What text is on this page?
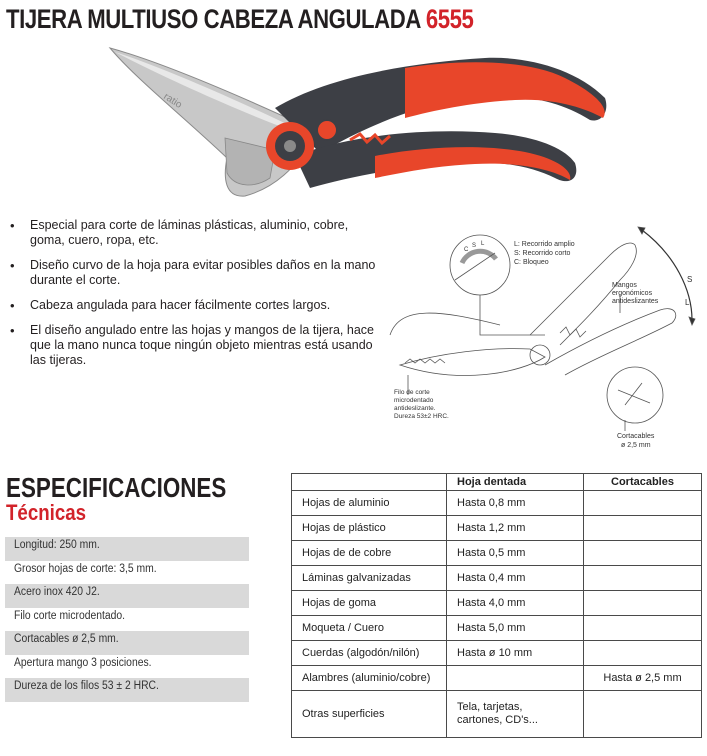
TIJERA MULTIUSO CABEZA ANGULADA 6555
ratio
• Especial para corte de láminas plásticas, aluminio, cobre, goma, cuero, ropa, etc.
• Diseño curvo de la hoja para evitar posibles daños en la mano durante el corte.
• Cabeza angulada para hacer fácilmente cortes largos.
• El diseño angulado entre las hojas y mangos de la tijera, hace que la mano nunca toque ningún objeto mientras está usando las tijeras.
C
S L	L: Recorrido amplio
S: Recorrido corto
C: Bloqueo
Mangos
ergonómicos
antideslizantes
S
L
Filo de corte
microdentado
antideslizante.
Dureza 53±2 HRC.
Cortacables
ø 2,5 mm
ESPECIFICACIONES
Técnicas
Longitud: 250 mm.
Grosor hojas de corte: 3,5 mm.
Acero inox 420 J2.
Filo corte microdentado.
Cortacables ø 2,5 mm.
Apertura mango 3 posiciones.
Dureza de los filos 53 ± 2 HRC.
	Hoja dentada	Cortacables
Hojas de aluminio	Hasta 0,8 mm	
Hojas de plástico	Hasta 1,2 mm	
Hojas de de cobre	Hasta 0,5 mm	
Láminas galvanizadas	Hasta 0,4 mm	
Hojas de goma	Hasta 4,0 mm	
Moqueta / Cuero	Hasta 5,0 mm	
Cuerdas (algodón/nilón)	Hasta ø 10 mm	
Alambres (aluminio/cobre)		Hasta ø 2,5 mm
Otras superficies	Tela, tarjetas,
cartones, CD's...	
